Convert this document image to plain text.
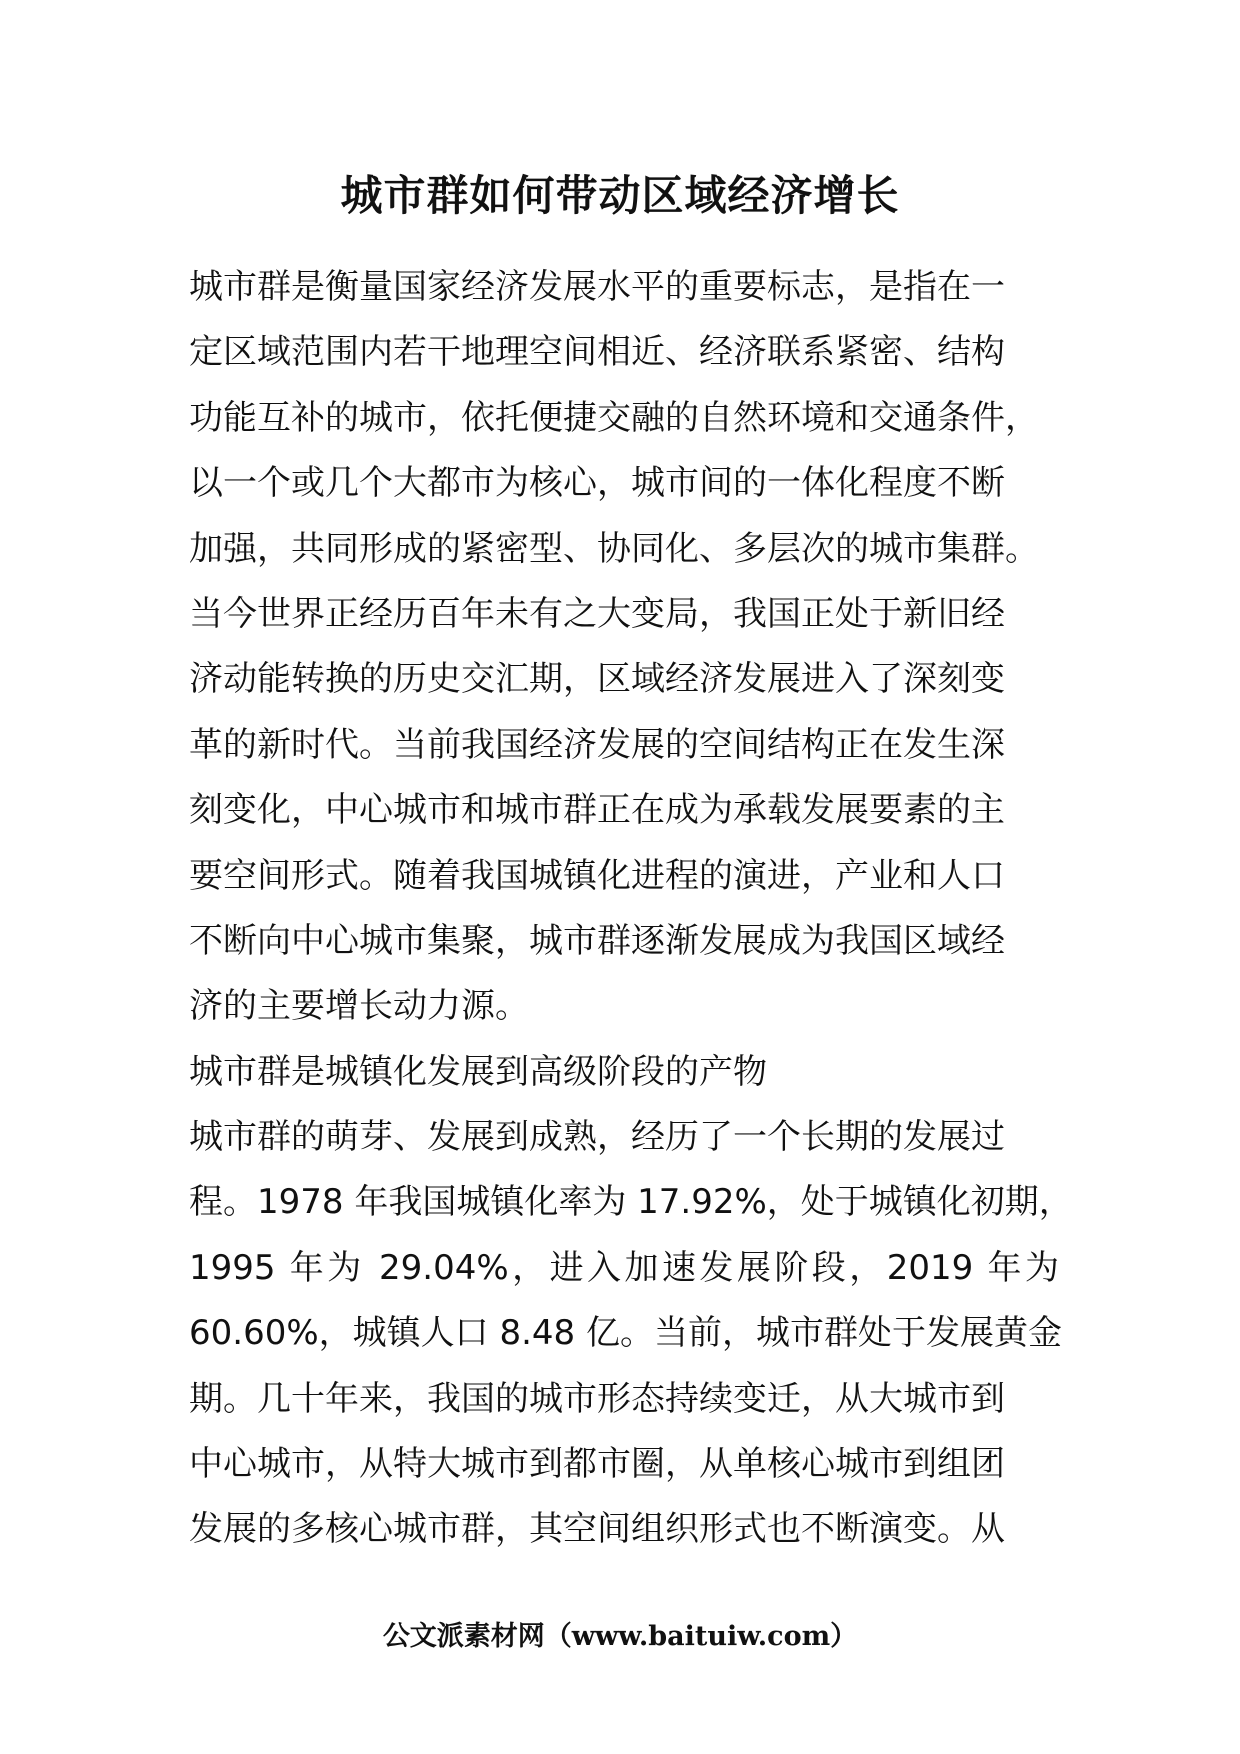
城市群如何带动区域经济增长
城市群是衡量国家经济发展水平的重要标志，是指在一
定区域范围内若干地理空间相近、经济联系紧密、结构
功能互补的城市，依托便捷交融的自然环境和交通条件，
以一个或几个大都市为核心，城市间的一体化程度不断
加强，共同形成的紧密型、协同化、多层次的城市集群。
当今世界正经历百年未有之大变局，我国正处于新旧经
济动能转换的历史交汇期，区域经济发展进入了深刻变
革的新时代。当前我国经济发展的空间结构正在发生深
刻变化，中心城市和城市群正在成为承载发展要素的主
要空间形式。随着我国城镇化进程的演进，产业和人口
不断向中心城市集聚，城市群逐渐发展成为我国区域经
济的主要增长动力源。
城市群是城镇化发展到高级阶段的产物
城市群的萌芽、发展到成熟，经历了一个长期的发展过
程。1978 年我国城镇化率为 17.92%，处于城镇化初期，
1995 年为 29.04%，进入加速发展阶段，2019 年为
60.60%，城镇人口 8.48 亿。当前，城市群处于发展黄金
期。几十年来，我国的城市形态持续变迁，从大城市到
中心城市，从特大城市到都市圈，从单核心城市到组团
发展的多核心城市群，其空间组织形式也不断演变。从
公文派素材网（www.baituiw.com）
